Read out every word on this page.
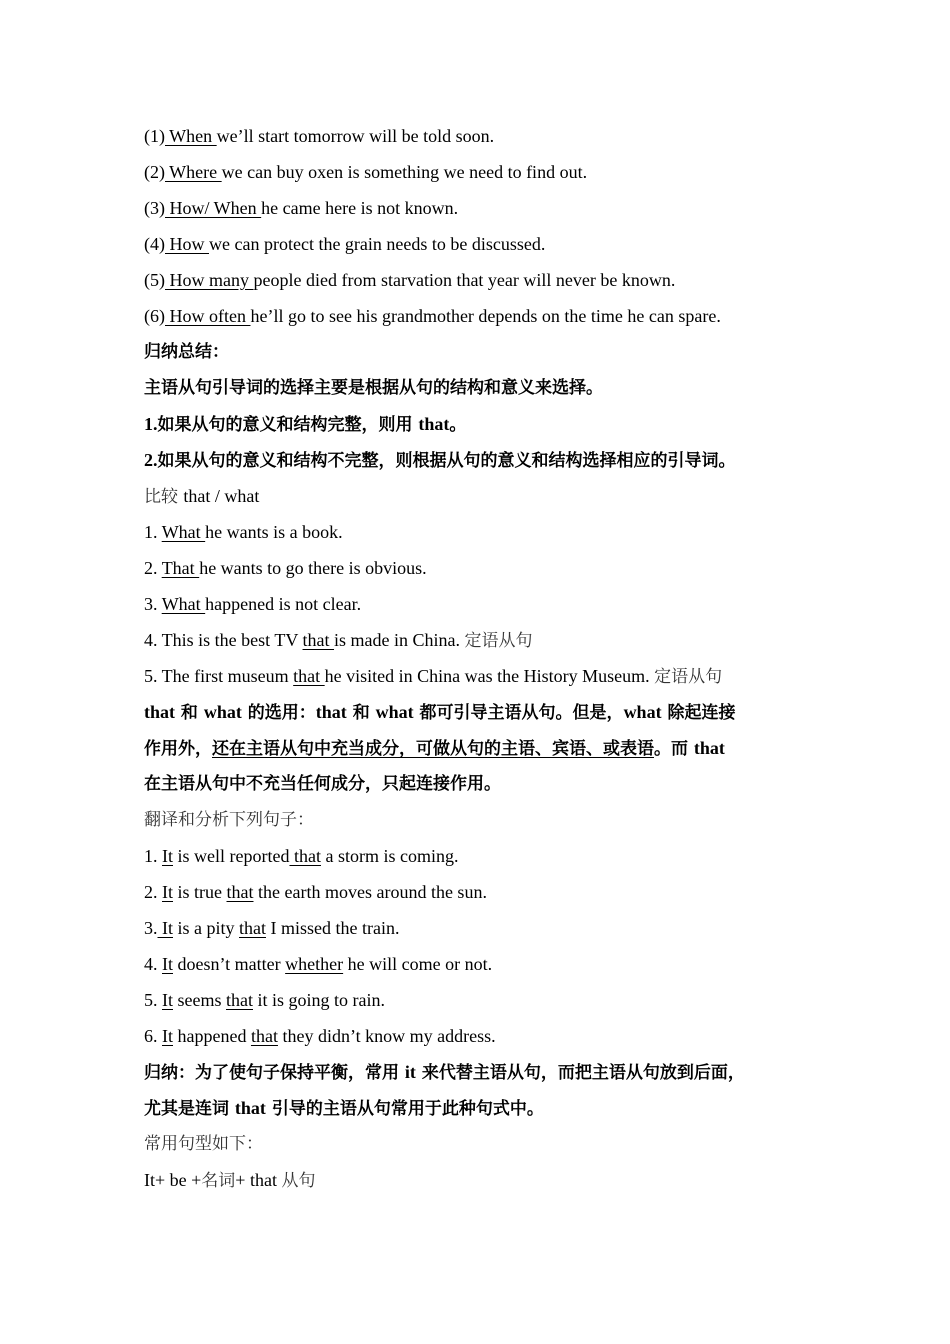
(1) When we’ll start tomorrow will be told soon.
(2) Where we can buy oxen is something we need to find out.
(3) How/ When he came here is not known.
(4) How we can protect the grain needs to be discussed.
(5) How many people died from starvation that year will never be known.
(6) How often he’ll go to see his grandmother depends on the time he can spare.
归纳总结：
主语从句引导词的选择主要是根据从句的结构和意义来选择。
1.如果从句的意义和结构完整，则用 that。
2.如果从句的意义和结构不完整，则根据从句的意义和结构选择相应的引导词。
比较 that / what
1. What he wants is a book.
2. That he wants to go there is obvious.
3. What happened is not clear.
4. This is the best TV that is made in China. 定语从句
5. The first museum that he visited in China was the History Museum. 定语从句
that 和 what 的选用：that 和 what 都可引导主语从句。但是，what 除起连接
作用外，还在主语从句中充当成分，可做从句的主语、宾语、或表语。而 that
在主语从句中不充当任何成分，只起连接作用。
翻译和分析下列句子：
1. It is well reported that a storm is coming.
2. It is true that the earth moves around the sun.
3. It is a pity that I missed the train.
4. It doesn’t matter whether he will come or not.
5. It seems that it is going to rain.
6. It happened that they didn’t know my address.
归纳：为了使句子保持平衡，常用 it 来代替主语从句，而把主语从句放到后面，
尤其是连词 that 引导的主语从句常用于此种句式中。
常用句型如下：
It+ be +名词+ that 从句
